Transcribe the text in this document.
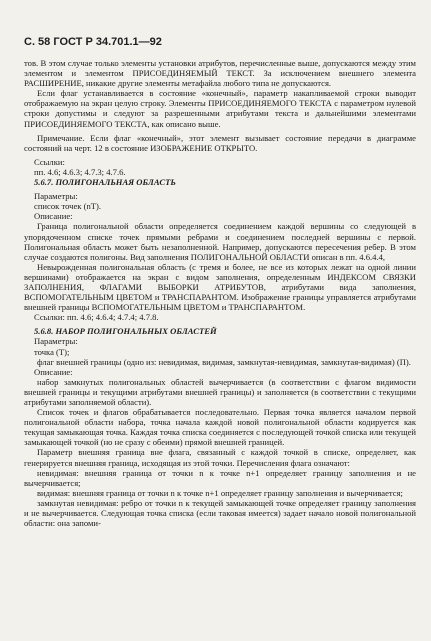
С. 58 ГОСТ Р 34.701.1—92

тов. В этом случае только элементы установки атрибутов, перечисленные выше, допускаются между этим элементом и элементом ПРИСОЕДИНЯЕМЫЙ ТЕКСТ. За исключением внешнего элемента РАСШИРЕНИЕ, никакие другие элементы метафайла любого типа не допускаются.

Если флаг устанавливается в состояние «конечный», параметр накапливаемой строки выводит отображаемую на экран целую строку. Элементы ПРИСОЕДИНЯЕМОГО ТЕКСТА с параметром нулевой строки допустимы и следуют за разрешенными атрибутами текста и дальнейшими элементами ПРИСОЕДИНЯЕМОГО ТЕКСТА, как описано выше.

Примечание. Если флаг «конечный», этот элемент вызывает состояние передачи в диаграмме состояний на черт. 12 в состояние ИЗОБРАЖЕНИЕ ОТКРЫТО.

Ссылки:

пп. 4.6; 4.6.3; 4.7.3; 4.7.6.

5.6.7. ПОЛИГОНАЛЬНАЯ ОБЛАСТЬ

Параметры:

список точек (nT).

Описание:

Граница полигональной области определяется соединением каждой вершины со следующей в упорядоченном списке точек прямыми ребрами и соединением последней вершины с первой. Полигональная область может быть незаполненной. Например, допускаются пересечения ребер. В этом случае создаются полигоны. Вид заполнения ПОЛИГОНАЛЬНОЙ ОБЛАСТИ описан в пп. 4.6.4.4,

Невырожденная полигональная область (с тремя и более, не все из которых лежат на одной линии вершинами) отображается на экран с видом заполнения, определенным ИНДЕКСОМ СВЯЗКИ ЗАПОЛНЕНИЯ, ФЛАГАМИ ВЫБОРКИ АТРИБУТОВ, атрибутами вида заполнения, ВСПОМОГАТЕЛЬНЫМ ЦВЕТОМ и ТРАНСПАРАНТОМ. Изображение границы управляется атрибутами внешней границы ВСПОМОГАТЕЛЬНЫМ ЦВЕТОМ и ТРАНСПАРАНТОМ.

Ссылки: пп. 4.6; 4.6.4; 4.7.4; 4.7.8.

5.6.8. НАБОР ПОЛИГОНАЛЬНЫХ ОБЛАСТЕЙ

Параметры:

точка (T);

флаг внешней границы (одно из: невидимая, видимая, замкнутая-невидимая, замкнутая-видимая) (П).

Описание:

набор замкнутых полигональных областей вычерчивается (в соответствии с флагом видимости внешней границы и текущими атрибутами внешней границы) и заполняется (в соответствии с текущими атрибутами заполняемой области).

Список точек и флагов обрабатывается последовательно. Первая точка является началом первой полигональной области набора, точка начала каждой новой полигональной области кодируется как текущая замыкающая точка. Каждая точка списка соединяется с последующей точкой списка или текущей замыкающей точкой (но не сразу с обеими) прямой внешней границей.

Параметр внешняя граница вне флага, связанный с каждой точкой в списке, определяет, как генерируется внешняя граница, исходящая из этой точки. Перечисления флага означают:

невидимая: внешняя граница от точки n к точке n+1 определяет границу заполнения и не вычерчивается;

видимая: внешняя граница от точки n к точке n+1 определяет границу заполнения и вычерчивается;

замкнутая невидимая: ребро от точки n к текущей замыкающей точке определяет границу заполнения и не вычерчивается. Следующая точка списка (если таковая имеется) задает начало новой полигональной области: она запоми-
